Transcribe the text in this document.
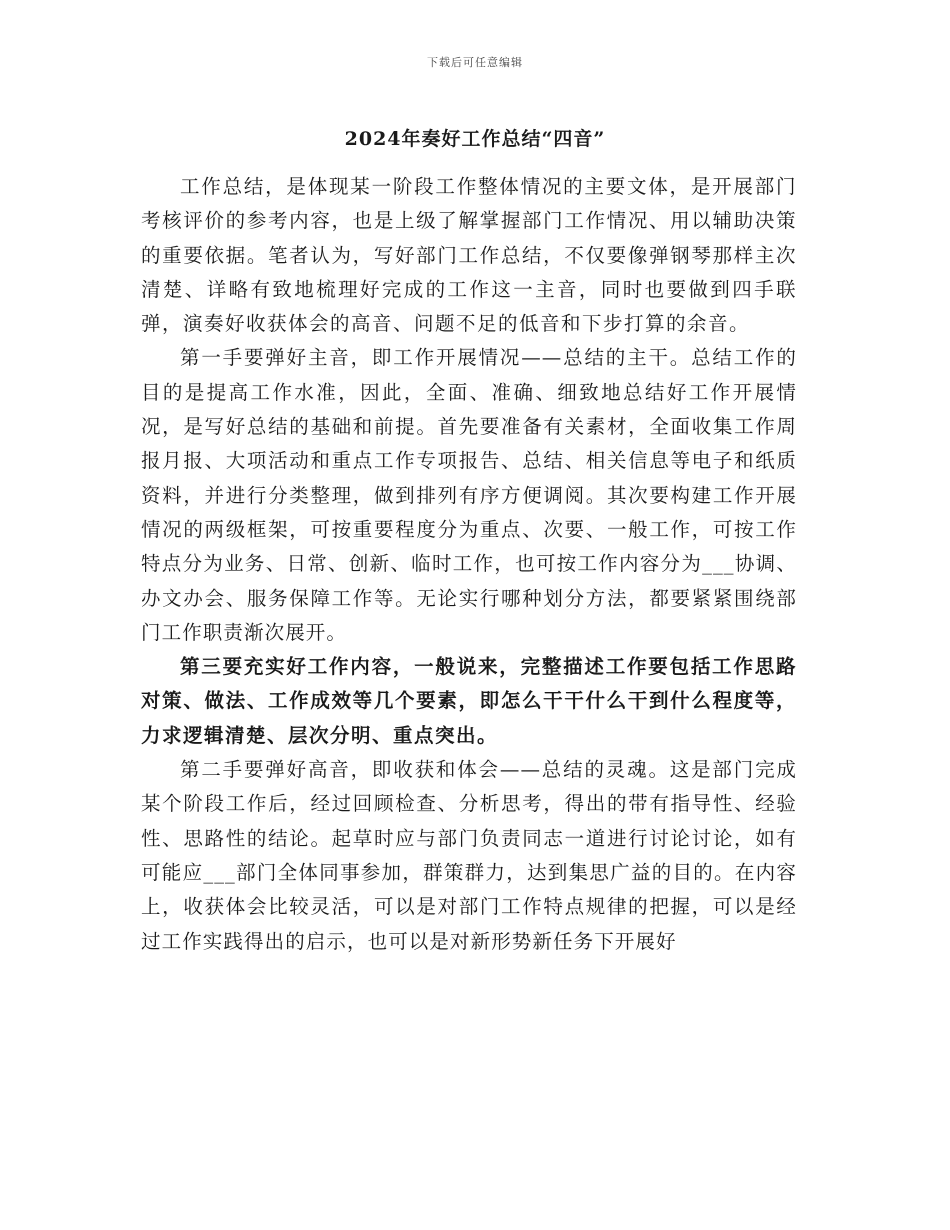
下载后可任意编辑
2024年奏好工作总结“四音”

工作总结，是体现某一阶段工作整体情况的主要文体，是开展部门考核评价的参考内容，也是上级了解掌握部门工作情况、用以辅助决策的重要依据。笔者认为，写好部门工作总结，不仅要像弹钢琴那样主次清楚、详略有致地梳理好完成的工作这一主音，同时也要做到四手联弹，演奏好收获体会的高音、问题不足的低音和下步打算的余音。

第一手要弹好主音，即工作开展情况——总结的主干。总结工作的目的是提高工作水准，因此，全面、准确、细致地总结好工作开展情况，是写好总结的基础和前提。首先要准备有关素材，全面收集工作周报月报、大项活动和重点工作专项报告、总结、相关信息等电子和纸质资料，并进行分类整理，做到排列有序方便调阅。其次要构建工作开展情况的两级框架，可按重要程度分为重点、次要、一般工作，可按工作特点分为业务、日常、创新、临时工作，也可按工作内容分为___协调、办文办会、服务保障工作等。无论实行哪种划分方法，都要紧紧围绕部门工作职责渐次展开。

第三要充实好工作内容，一般说来，完整描述工作要包括工作思路对策、做法、工作成效等几个要素，即怎么干干什么干到什么程度等，力求逻辑清楚、层次分明、重点突出。

第二手要弹好高音，即收获和体会——总结的灵魂。这是部门完成某个阶段工作后，经过回顾检查、分析思考，得出的带有指导性、经验性、思路性的结论。起草时应与部门负责同志一道进行讨论讨论，如有可能应___部门全体同事参加，群策群力，达到集思广益的目的。在内容上，收获体会比较灵活，可以是对部门工作特点规律的把握，可以是经过工作实践得出的启示，也可以是对新形势新任务下开展好
